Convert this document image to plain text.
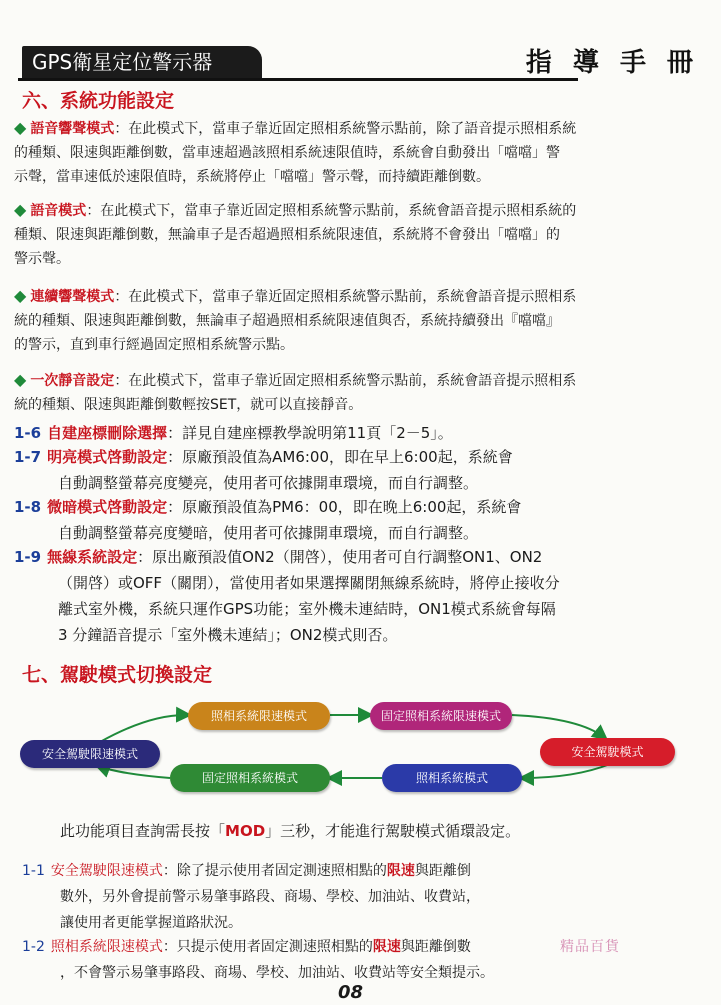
GPS衛星定位警示器	指 導 手 冊
六、系統功能設定
◆ 語音響聲模式：在此模式下，當車子靠近固定照相系統警示點前，除了語音提示照相系統
的種類、限速與距離倒數，當車速超過該照相系統速限值時，系統會自動發出「噹噹」警
示聲，當車速低於速限值時，系統將停止「噹噹」警示聲，而持續距離倒數。
◆ 語音模式：在此模式下，當車子靠近固定照相系統警示點前，系統會語音提示照相系統的
種類、限速與距離倒數，無論車子是否超過照相系統限速值，系統將不會發出「噹噹」的
警示聲。
◆ 連續響聲模式：在此模式下，當車子靠近固定照相系統警示點前，系統會語音提示照相系
統的種類、限速與距離倒數，無論車子超過照相系統限速值與否，系統持續發出『噹噹』
的警示，直到車行經過固定照相系統警示點。
◆ 一次靜音設定：在此模式下，當車子靠近固定照相系統警示點前，系統會語音提示照相系
統的種類、限速與距離倒數輕按SET，就可以直接靜音。
1-6 自建座標刪除選擇：詳見自建座標教學說明第11頁「2－5」。
1-7 明亮模式啓動設定：原廠預設值為AM6:00，即在早上6:00起，系統會

自動調整螢幕亮度變亮，使用者可依據開車環境，而自行調整。
1-8 微暗模式啓動設定：原廠預設值為PM6：00，即在晚上6:00起，系統會

自動調整螢幕亮度變暗，使用者可依據開車環境，而自行調整。
1-9 無線系統設定：原出廠預設值ON2（開啓），使用者可自行調整ON1、ON2

（開啓）或OFF（關閉），當使用者如果選擇關閉無線系統時，將停止接收分
離式室外機，系統只運作GPS功能；室外機未連結時，ON1模式系統會每隔
3 分鐘語音提示「室外機未連結」；ON2模式則否。
七、駕駛模式切換設定
安全駕駛限速模式
照相系統限速模式	固定照相系統限速模式
安全駕駛模式
照相系統模式
固定照相系統模式
此功能項目查詢需長按「MOD」三秒，才能進行駕駛模式循環設定。
1-1 安全駕駛限速模式：除了提示使用者固定測速照相點的限速與距離倒

數外，另外會提前警示易肇事路段、商場、學校、加油站、收費站，
讓使用者更能掌握道路狀況。
1-2 照相系統限速模式：只提示使用者固定測速照相點的限速與距離倒數

，不會警示易肇事路段、商場、學校、加油站、收費站等安全類提示。
精品百貨
08
